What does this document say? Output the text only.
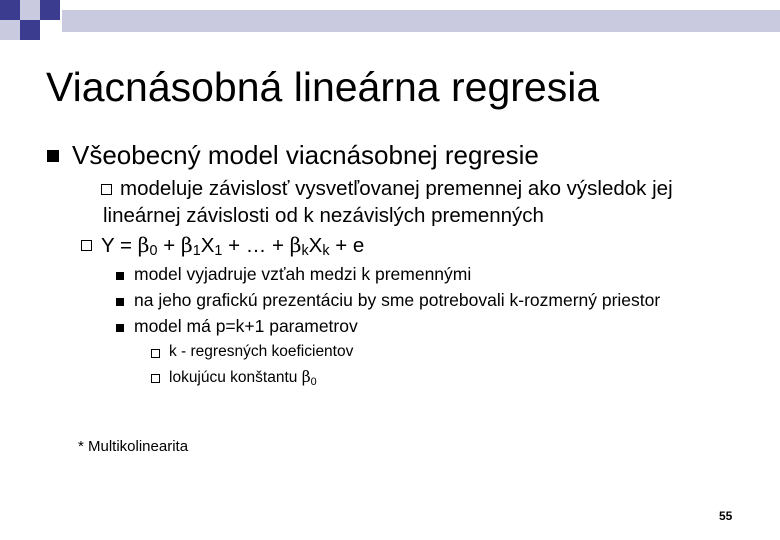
Viacnásobná lineárna regresia
Všeobecný model viacnásobnej regresie
modeluje závislosť vysvetľovanej premennej ako výsledok jej
lineárnej závislosti od k nezávislých premenných
$Y = \beta_0 + \beta_1X_1$ + … + $\beta_kX_k + e$
model vyjadruje vzťah medzi k premennými
na jeho grafickú prezentáciu by sme potrebovali k-rozmerný priestor
model má p=k+1 parametrov
k - regresných koeficientov
lokujúcu konštantu $\beta_0$
* Multikolinearita
55
